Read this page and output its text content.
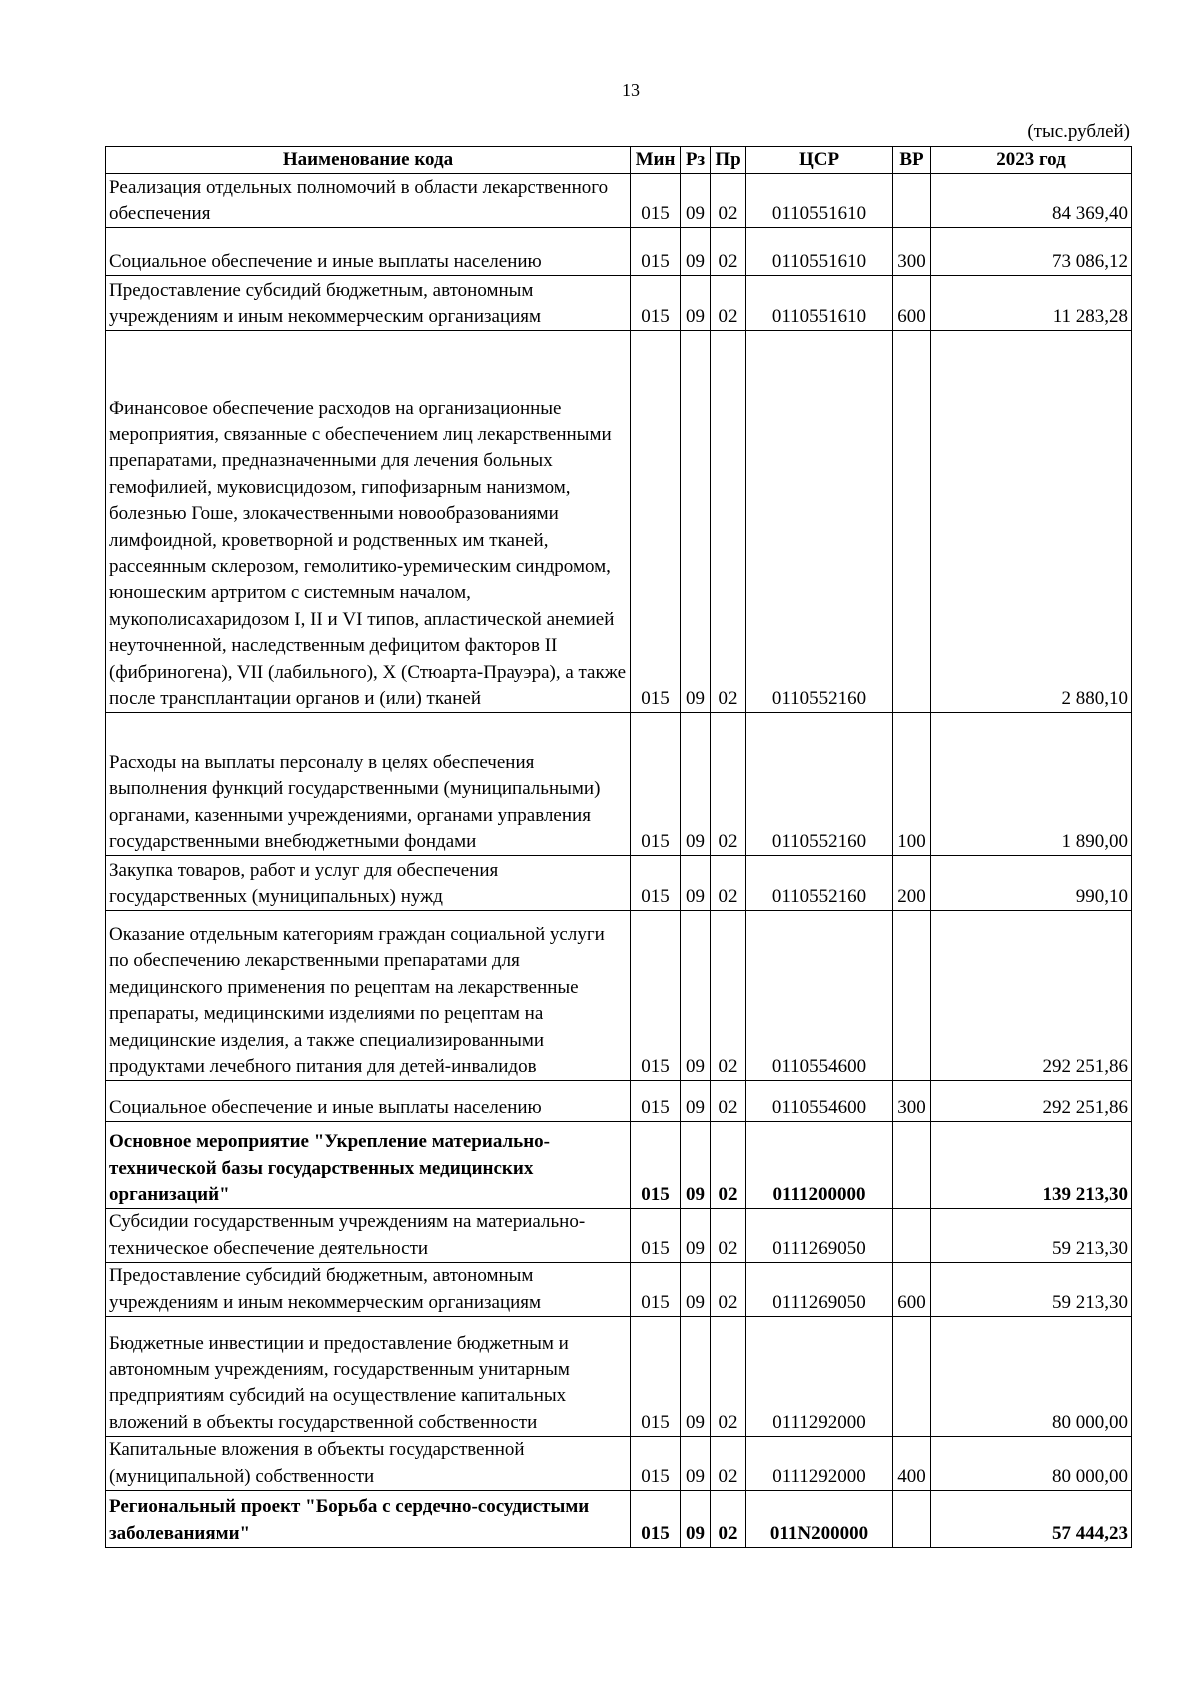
13
(тыс.рублей)
Наименование кода	Мин	Рз	Пр	ЦСР	ВР	2023 год
Реализация отдельных полномочий в области лекарственного обеспечения	015	09	02	0110551610		84 369,40
Социальное обеспечение и иные выплаты населению	015	09	02	0110551610	300	73 086,12
Предоставление субсидий бюджетным, автономным учреждениям и иным некоммерческим организациям	015	09	02	0110551610	600	11 283,28
Финансовое обеспечение расходов на организационные мероприятия, связанные с обеспечением лиц лекарственными препаратами, предназначенными для лечения больных гемофилией, муковисцидозом, гипофизарным нанизмом, болезнью Гоше, злокачественными новообразованиями лимфоидной, кроветворной и родственных им тканей, рассеянным склерозом, гемолитико-уремическим синдромом, юношеским артритом с системным началом, мукополисахаридозом I, II и VI типов, апластической анемией неуточненной, наследственным дефицитом факторов II (фибриногена), VII (лабильного), X (Стюарта-Прауэра), а также после трансплантации органов и (или) тканей	015	09	02	0110552160		2 880,10
Расходы на выплаты персоналу в целях обеспечения выполнения функций государственными (муниципальными) органами, казенными учреждениями, органами управления государственными внебюджетными фондами	015	09	02	0110552160	100	1 890,00
Закупка товаров, работ и услуг для обеспечения государственных (муниципальных) нужд	015	09	02	0110552160	200	990,10
Оказание отдельным категориям граждан социальной услуги по обеспечению лекарственными препаратами для медицинского применения по рецептам на лекарственные препараты, медицинскими изделиями по рецептам на медицинские изделия, а также специализированными продуктами лечебного питания для детей-инвалидов	015	09	02	0110554600		292 251,86
Социальное обеспечение и иные выплаты населению	015	09	02	0110554600	300	292 251,86
Основное мероприятие "Укрепление материально-технической базы государственных медицинских организаций"	015	09	02	0111200000		139 213,30
Субсидии государственным учреждениям на материально-техническое обеспечение деятельности	015	09	02	0111269050		59 213,30
Предоставление субсидий бюджетным, автономным учреждениям и иным некоммерческим организациям	015	09	02	0111269050	600	59 213,30
Бюджетные инвестиции и предоставление бюджетным и автономным учреждениям, государственным унитарным предприятиям субсидий на осуществление капитальных вложений в объекты государственной собственности	015	09	02	0111292000		80 000,00
Капитальные вложения в объекты государственной (муниципальной) собственности	015	09	02	0111292000	400	80 000,00
Региональный проект "Борьба с сердечно-сосудистыми заболеваниями"	015	09	02	011N200000		57 444,23
